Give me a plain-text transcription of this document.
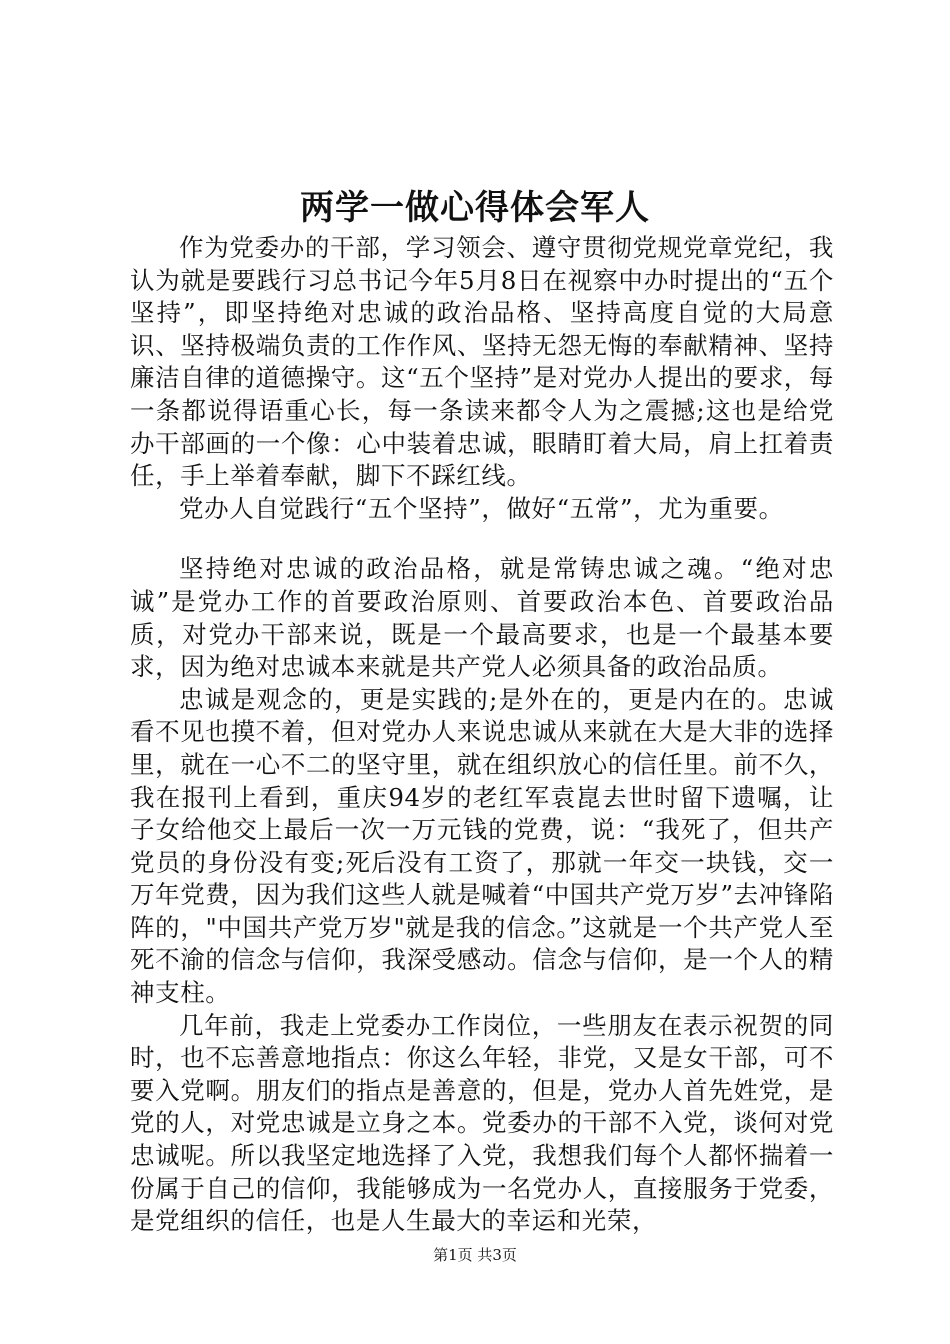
两学一做心得体会军人

作为党委办的干部，学习领会、遵守贯彻党规党章党纪，我认为就是要践行习总书记今年5月8日在视察中办时提出的“五个坚持”，即坚持绝对忠诚的政治品格、坚持高度自觉的大局意识、坚持极端负责的工作作风、坚持无怨无悔的奉献精神、坚持廉洁自律的道德操守。这“五个坚持”是对党办人提出的要求，每一条都说得语重心长，每一条读来都令人为之震撼;这也是给党办干部画的一个像：心中装着忠诚，眼睛盯着大局，肩上扛着责任，手上举着奉献，脚下不踩红线。

党办人自觉践行“五个坚持”，做好“五常”，尤为重要。

坚持绝对忠诚的政治品格，就是常铸忠诚之魂。“绝对忠诚”是党办工作的首要政治原则、首要政治本色、首要政治品质，对党办干部来说，既是一个最高要求，也是一个最基本要求，因为绝对忠诚本来就是共产党人必须具备的政治品质。

忠诚是观念的，更是实践的;是外在的，更是内在的。忠诚看不见也摸不着，但对党办人来说忠诚从来就在大是大非的选择里，就在一心不二的坚守里，就在组织放心的信任里。前不久，我在报刊上看到，重庆94岁的老红军袁崑去世时留下遗嘱，让子女给他交上最后一次一万元钱的党费，说：“我死了，但共产党员的身份没有变;死后没有工资了，那就一年交一块钱，交一万年党费，因为我们这些人就是喊着“中国共产党万岁”去冲锋陷阵的，"中国共产党万岁"就是我的信念。”这就是一个共产党人至死不渝的信念与信仰，我深受感动。信念与信仰，是一个人的精神支柱。

几年前，我走上党委办工作岗位，一些朋友在表示祝贺的同时，也不忘善意地指点：你这么年轻，非党，又是女干部，可不要入党啊。朋友们的指点是善意的，但是，党办人首先姓党，是党的人，对党忠诚是立身之本。党委办的干部不入党，谈何对党忠诚呢。所以我坚定地选择了入党，我想我们每个人都怀揣着一份属于自己的信仰，我能够成为一名党办人，直接服务于党委，是党组织的信任，也是人生最大的幸运和光荣，

第1页 共3页
